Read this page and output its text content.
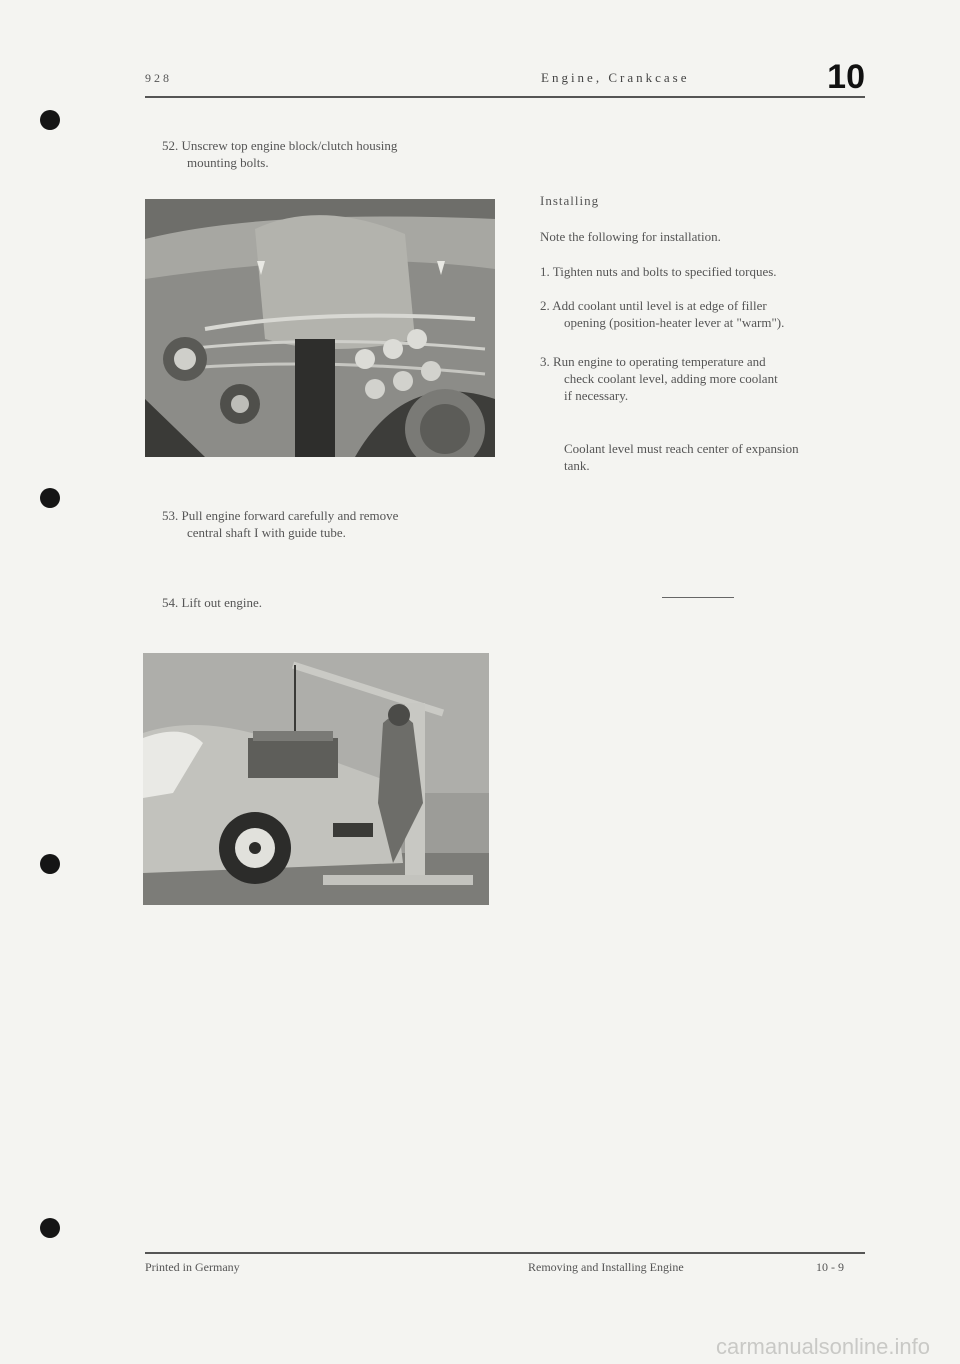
928	Engine, Crankcase	10
52. Unscrew top engine block/clutch housing
mounting bolts.
53. Pull engine forward carefully and remove
central shaft I with guide tube.
54. Lift out engine.
Installing
Note the following for installation.
1. Tighten nuts and bolts to specified torques.
2. Add coolant until level is at edge of filler
opening (position-heater lever at "warm").
3. Run engine to operating temperature and
check coolant level, adding more coolant
if necessary.
Coolant level must reach center of expansion
tank.
Printed in Germany	Removing and Installing Engine	10 - 9
carmanualsonline.info
